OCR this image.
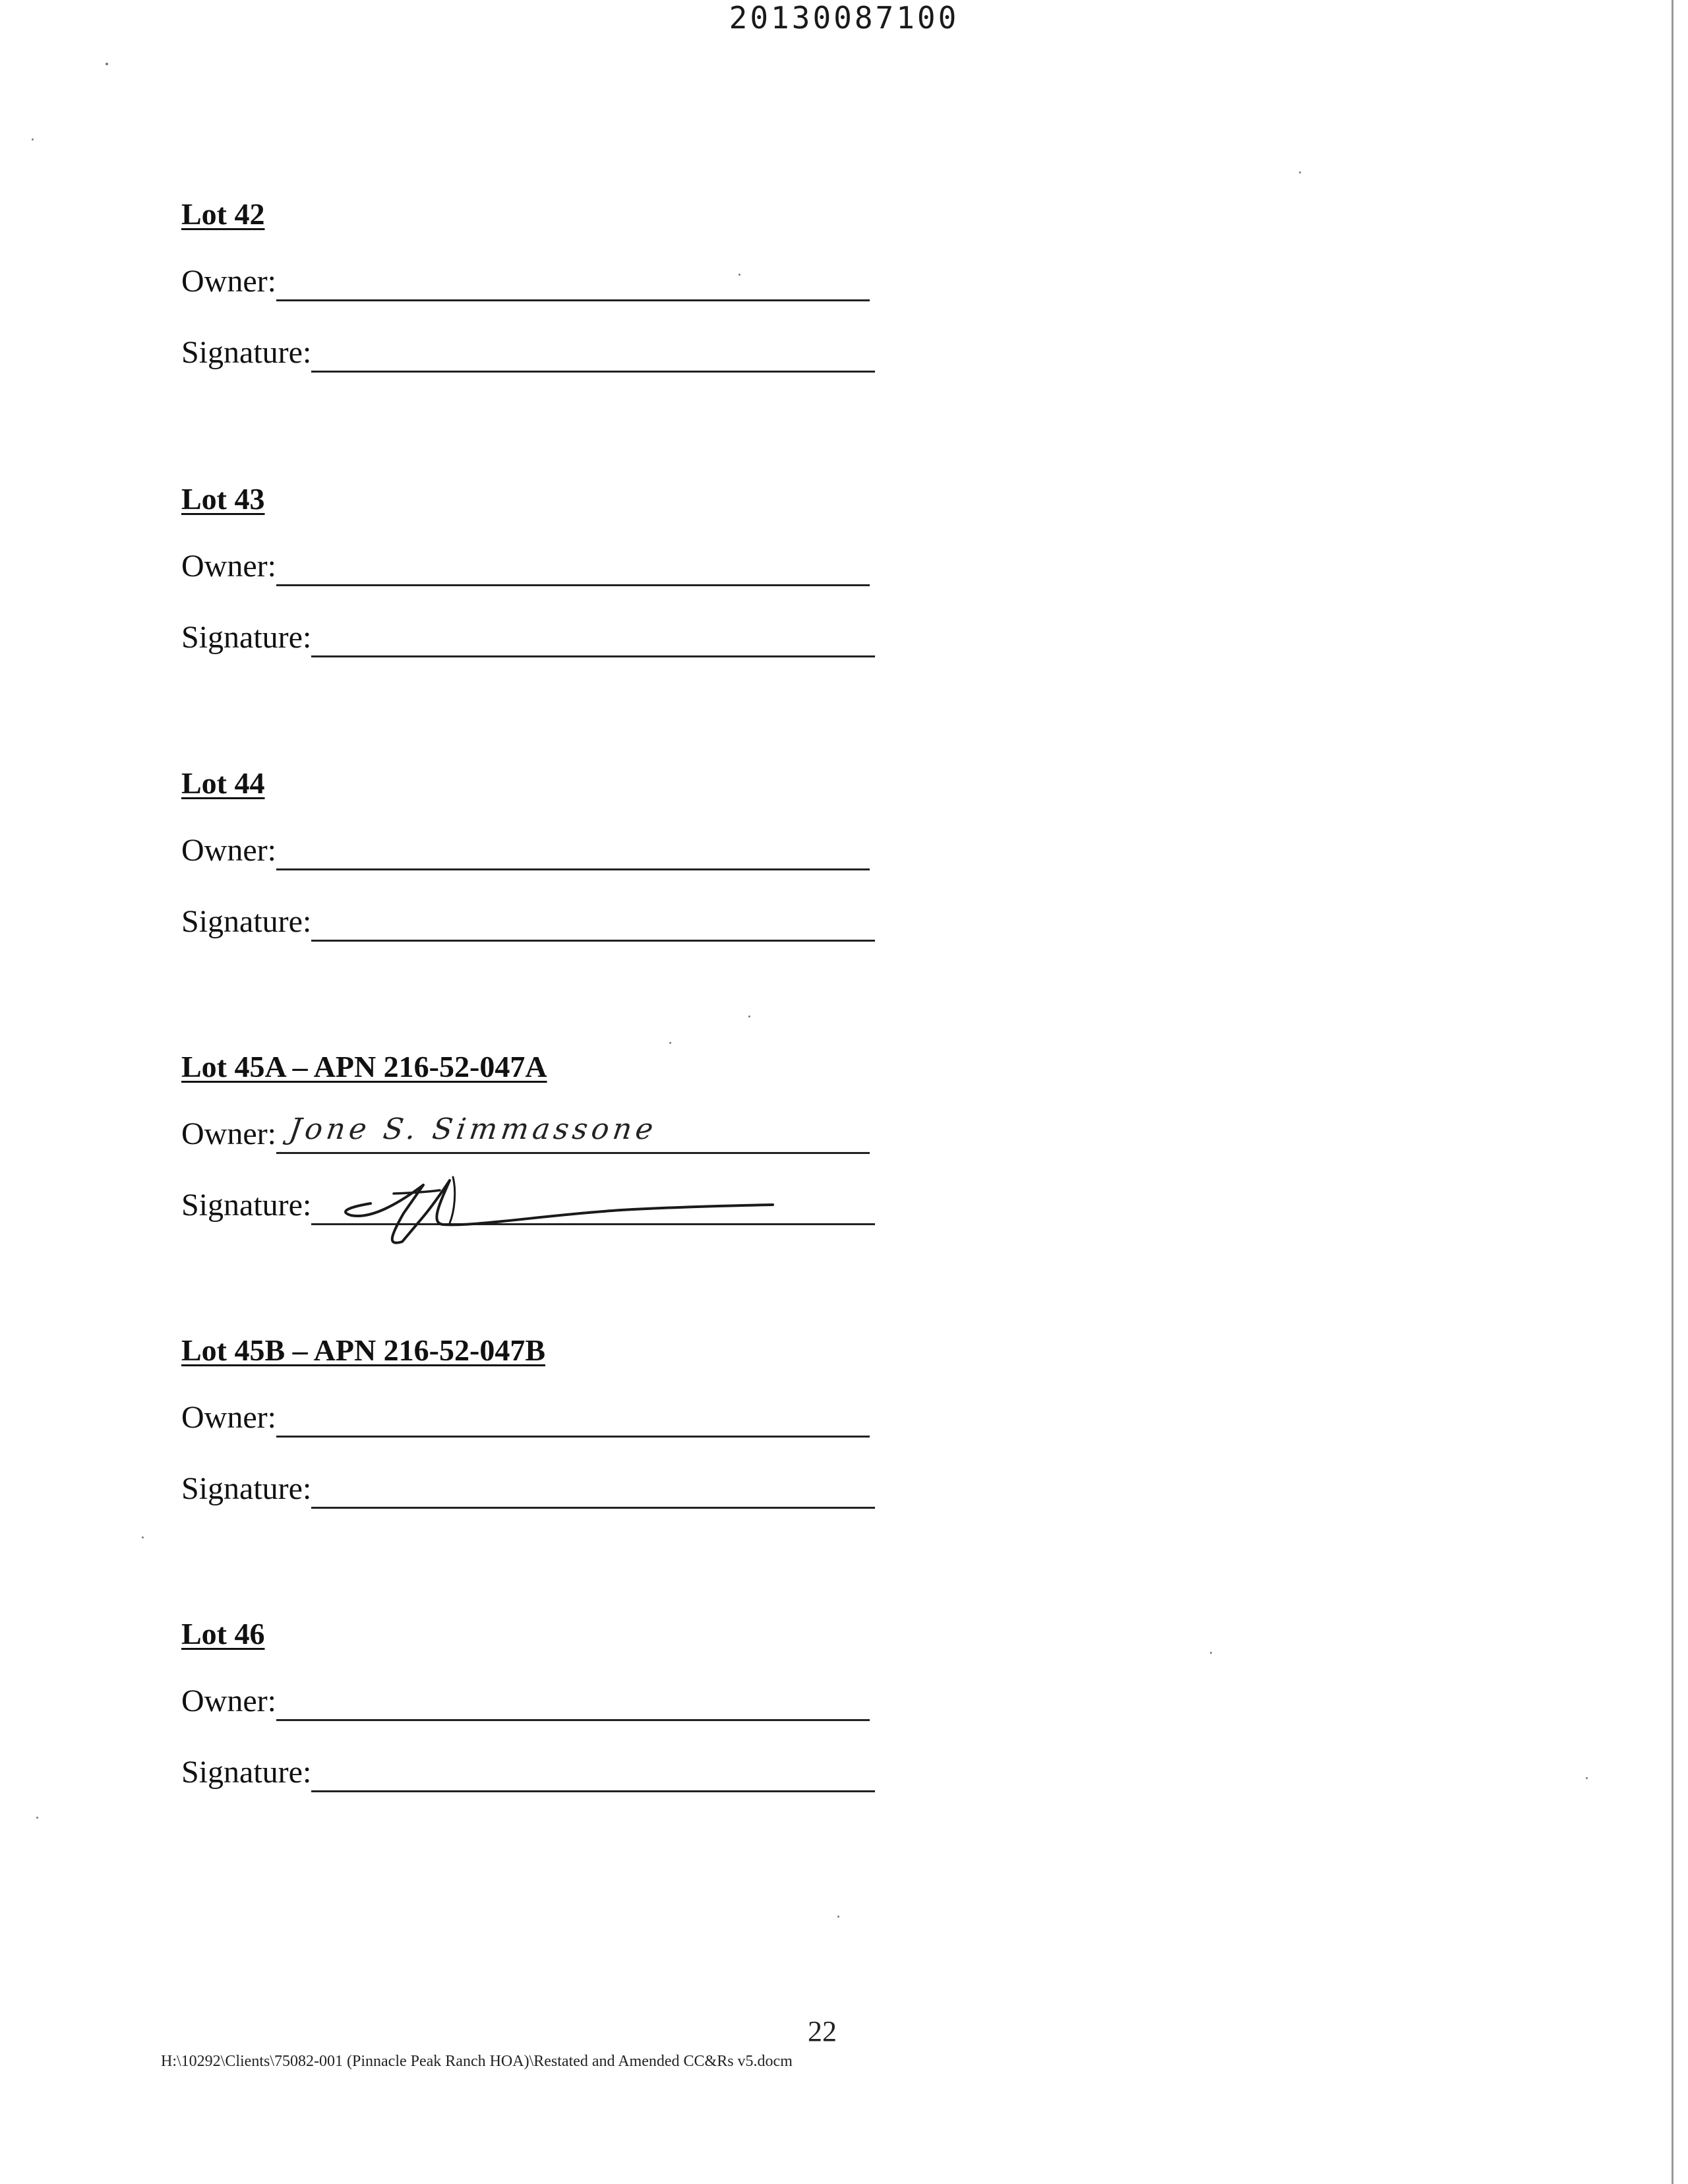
20130087100
Lot 42
Owner:
Signature:
Lot 43
Owner:
Signature:
Lot 44
Owner:
Signature:
Lot 45A – APN 216-52-047A
Owner: Jone S. Simmassone
Signature:
Lot 45B – APN 216-52-047B
Owner:
Signature:
Lot 46
Owner:
Signature:
22
H:\10292\Clients\75082-001 (Pinnacle Peak Ranch HOA)\Restated and Amended CC&Rs v5.docm
